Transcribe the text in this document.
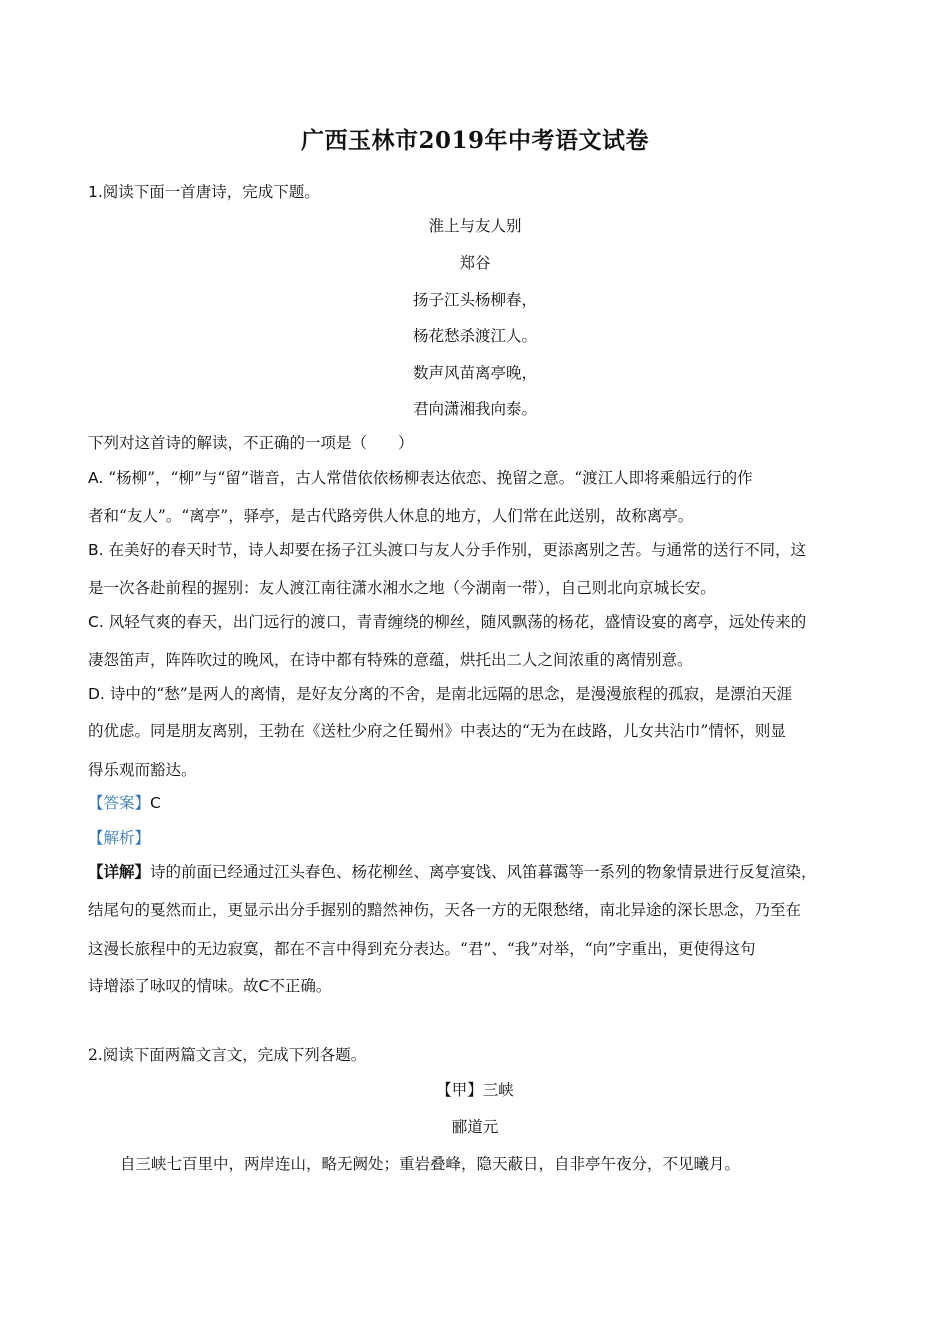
广西玉林市2019年中考语文试卷
1.阅读下面一首唐诗，完成下题。
淮上与友人别
郑谷
扬子江头杨柳春，
杨花愁杀渡江人。
数声风苗离亭晚，
君向潇湘我向泰。
下列对这首诗的解读，不正确的一项是（　　）
A. “杨柳”，“柳”与“留”谐音，古人常借依依杨柳表达依恋、挽留之意。“渡江人即将乘船远行的作
者和“友人”。“离亭”，驿亭，是古代路旁供人休息的地方，人们常在此送别，故称离亭。
B. 在美好的春天时节，诗人却要在扬子江头渡口与友人分手作别，更添离别之苦。与通常的送行不同，这
是一次各赴前程的握别：友人渡江南往潇水湘水之地（今湖南一带），自己则北向京城长安。
C. 风轻气爽的春天，出门远行的渡口，青青缠绕的柳丝，随风飘荡的杨花，盛情设宴的离亭，远处传来的
凄怨笛声，阵阵吹过的晚风，在诗中都有特殊的意蕴，烘托出二人之间浓重的离情别意。
D. 诗中的“愁”是两人的离情，是好友分离的不舍，是南北远隔的思念，是漫漫旅程的孤寂，是漂泊天涯
的优虑。同是朋友离别，王勃在《送杜少府之任蜀州》中表达的“无为在歧路，儿女共沾巾”情怀，则显
得乐观而豁达。
【答案】C
【解析】
【详解】诗的前面已经通过江头春色、杨花柳丝、离亭宴饯、风笛暮霭等一系列的物象情景进行反复渲染，
结尾句的戛然而止，更显示出分手握别的黯然神伤，天各一方的无限愁绪，南北异途的深长思念，乃至在
这漫长旅程中的无边寂寞，都在不言中得到充分表达。“君”、“我”对举，“向”字重出，更使得这句
诗增添了咏叹的情味。故C不正确。
2.阅读下面两篇文言文，完成下列各题。
【甲】三峡
郦道元
自三峡七百里中，两岸连山，略无阙处；重岩叠峰，隐天蔽日，自非亭午夜分，不见曦月。
